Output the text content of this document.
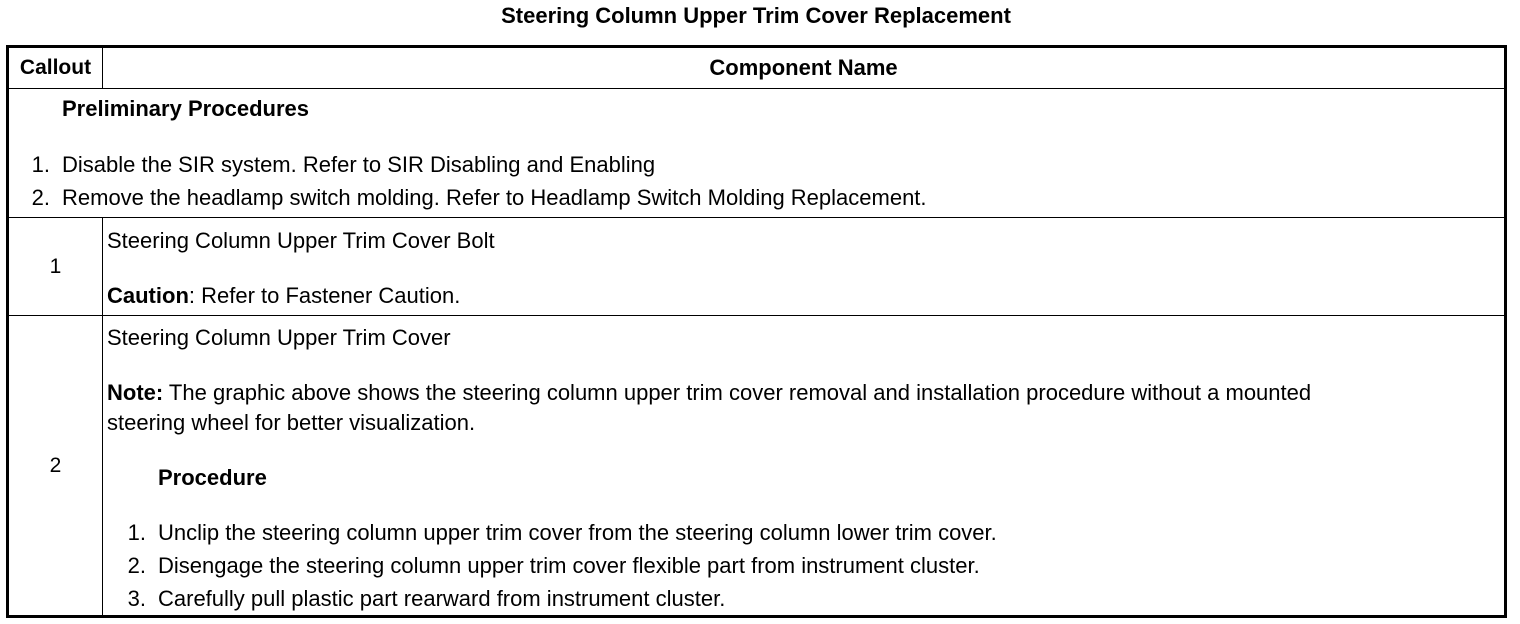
Steering Column Upper Trim Cover Replacement
Callout	Component Name
Preliminary Procedures
1. Disable the SIR system. Refer to SIR Disabling and Enabling
2. Remove the headlamp switch molding. Refer to Headlamp Switch Molding Replacement.
1
Steering Column Upper Trim Cover Bolt
Caution: Refer to Fastener Caution.
2
Steering Column Upper Trim Cover
Note: The graphic above shows the steering column upper trim cover removal and installation procedure without a mounted
steering wheel for better visualization.
Procedure
1. Unclip the steering column upper trim cover from the steering column lower trim cover.
2. Disengage the steering column upper trim cover flexible part from instrument cluster.
3. Carefully pull plastic part rearward from instrument cluster.
